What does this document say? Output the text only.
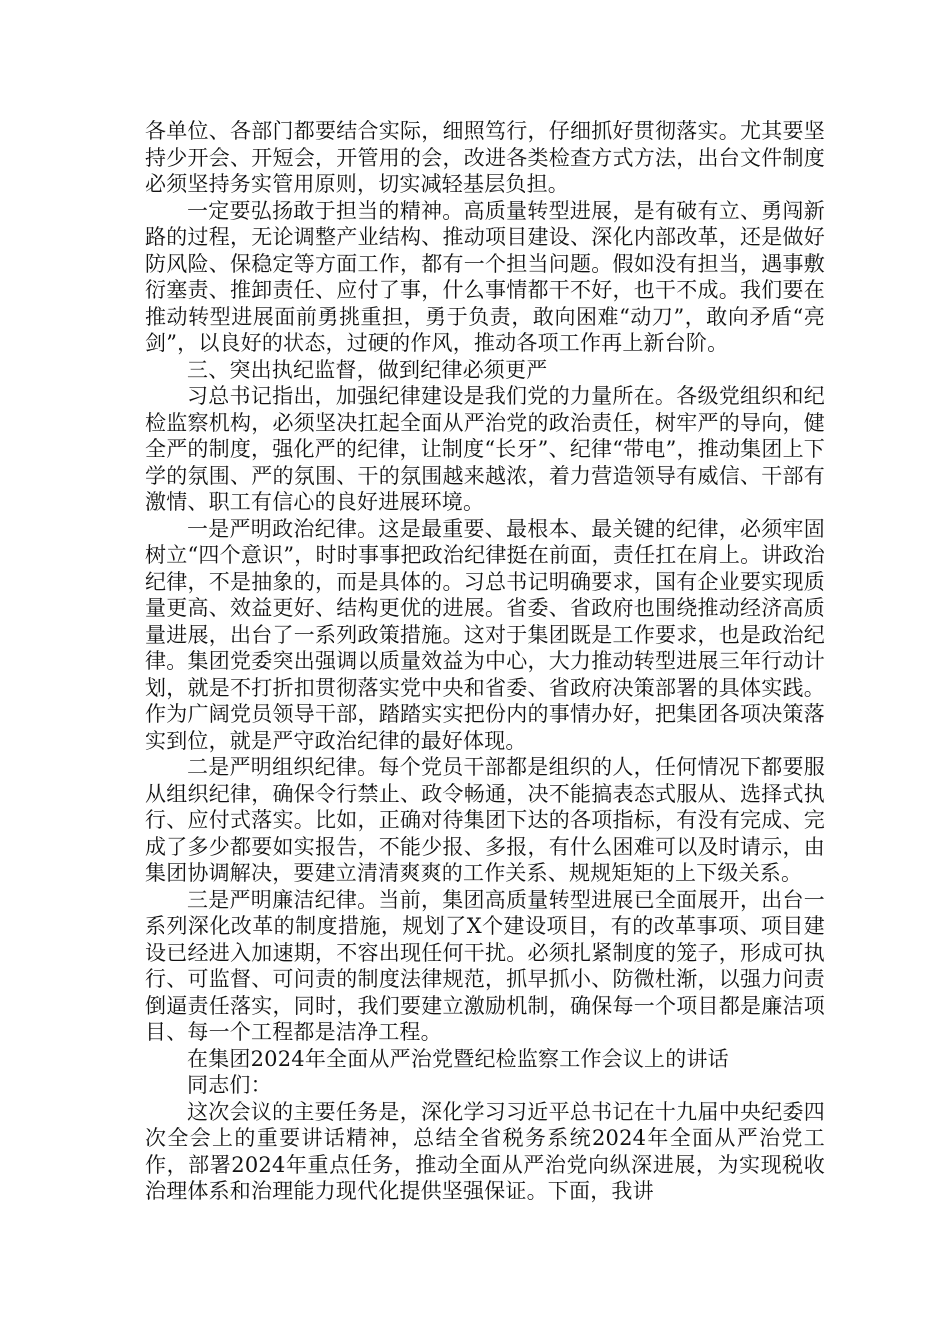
各单位、各部门都要结合实际，细照笃行，仔细抓好贯彻落实。尤其要坚持少开会、开短会，开管用的会，改进各类检查方式方法，出台文件制度必须坚持务实管用原则，切实减轻基层负担。

一定要弘扬敢于担当的精神。高质量转型进展，是有破有立、勇闯新路的过程，无论调整产业结构、推动项目建设、深化内部改革，还是做好防风险、保稳定等方面工作，都有一个担当问题。假如没有担当，遇事敷衍塞责、推卸责任、应付了事，什么事情都干不好，也干不成。我们要在推动转型进展面前勇挑重担，勇于负责，敢向困难“动刀”，敢向矛盾“亮剑”，以良好的状态，过硬的作风，推动各项工作再上新台阶。

三、突出执纪监督，做到纪律必须更严

习总书记指出，加强纪律建设是我们党的力量所在。各级党组织和纪检监察机构，必须坚决扛起全面从严治党的政治责任，树牢严的导向，健全严的制度，强化严的纪律，让制度“长牙”、纪律“带电”，推动集团上下学的氛围、严的氛围、干的氛围越来越浓，着力营造领导有威信、干部有激情、职工有信心的良好进展环境。

一是严明政治纪律。这是最重要、最根本、最关键的纪律，必须牢固树立“四个意识”，时时事事把政治纪律挺在前面，责任扛在肩上。讲政治纪律，不是抽象的，而是具体的。习总书记明确要求，国有企业要实现质量更高、效益更好、结构更优的进展。省委、省政府也围绕推动经济高质量进展，出台了一系列政策措施。这对于集团既是工作要求，也是政治纪律。集团党委突出强调以质量效益为中心，大力推动转型进展三年行动计划，就是不打折扣贯彻落实党中央和省委、省政府决策部署的具体实践。作为广阔党员领导干部，踏踏实实把份内的事情办好，把集团各项决策落实到位，就是严守政治纪律的最好体现。

二是严明组织纪律。每个党员干部都是组织的人，任何情况下都要服从组织纪律，确保令行禁止、政令畅通，决不能搞表态式服从、选择式执行、应付式落实。比如，正确对待集团下达的各项指标，有没有完成、完成了多少都要如实报告，不能少报、多报，有什么困难可以及时请示，由集团协调解决，要建立清清爽爽的工作关系、规规矩矩的上下级关系。

三是严明廉洁纪律。当前，集团高质量转型进展已全面展开，出台一系列深化改革的制度措施，规划了X个建设项目，有的改革事项、项目建设已经进入加速期，不容出现任何干扰。必须扎紧制度的笼子，形成可执行、可监督、可问责的制度法律规范，抓早抓小、防微杜渐，以强力问责倒逼责任落实，同时，我们要建立激励机制，确保每一个项目都是廉洁项目、每一个工程都是洁净工程。

在集团2024年全面从严治党暨纪检监察工作会议上的讲话

同志们：

这次会议的主要任务是，深化学习习近平总书记在十九届中央纪委四次全会上的重要讲话精神，总结全省税务系统2024年全面从严治党工作，部署2024年重点任务，推动全面从严治党向纵深进展，为实现税收治理体系和治理能力现代化提供坚强保证。下面，我讲
